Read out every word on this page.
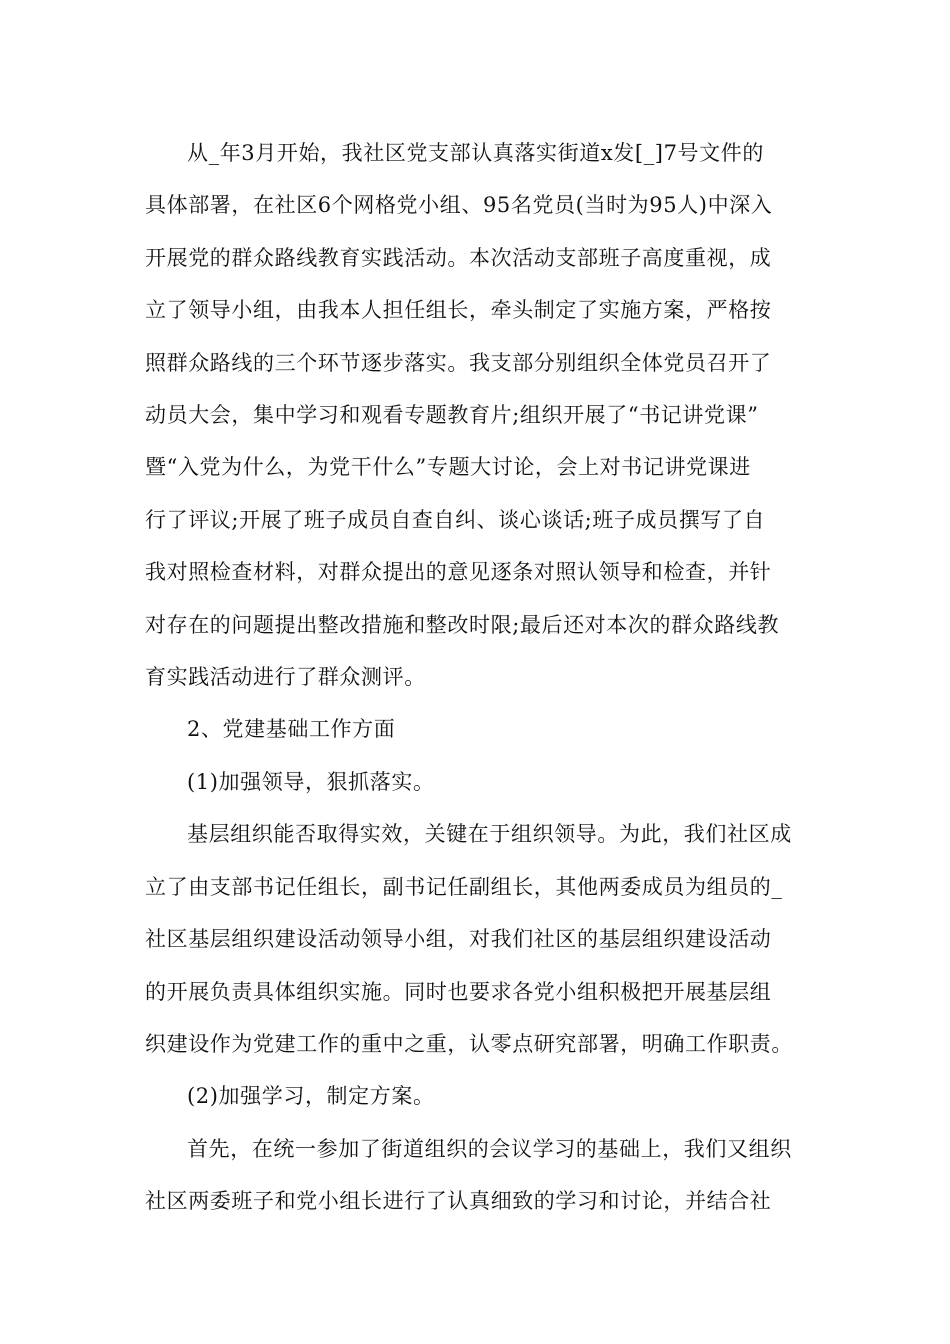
从_年3月开始，我社区党支部认真落实街道x发[_]7号文件的
具体部署，在社区6个网格党小组、95名党员(当时为95人)中深入
开展党的群众路线教育实践活动。本次活动支部班子高度重视，成
立了领导小组，由我本人担任组长，牵头制定了实施方案，严格按
照群众路线的三个环节逐步落实。我支部分别组织全体党员召开了
动员大会，集中学习和观看专题教育片;组织开展了“书记讲党课”
暨“入党为什么，为党干什么”专题大讨论，会上对书记讲党课进
行了评议;开展了班子成员自查自纠、谈心谈话;班子成员撰写了自
我对照检查材料，对群众提出的意见逐条对照认领导和检查，并针
对存在的问题提出整改措施和整改时限;最后还对本次的群众路线教
育实践活动进行了群众测评。
2、党建基础工作方面
(1)加强领导，狠抓落实。
基层组织能否取得实效，关键在于组织领导。为此，我们社区成
立了由支部书记任组长，副书记任副组长，其他两委成员为组员的_
社区基层组织建设活动领导小组，对我们社区的基层组织建设活动
的开展负责具体组织实施。同时也要求各党小组积极把开展基层组
织建设作为党建工作的重中之重，认零点研究部署，明确工作职责。
(2)加强学习，制定方案。
首先，在统一参加了街道组织的会议学习的基础上，我们又组织
社区两委班子和党小组长进行了认真细致的学习和讨论，并结合社
